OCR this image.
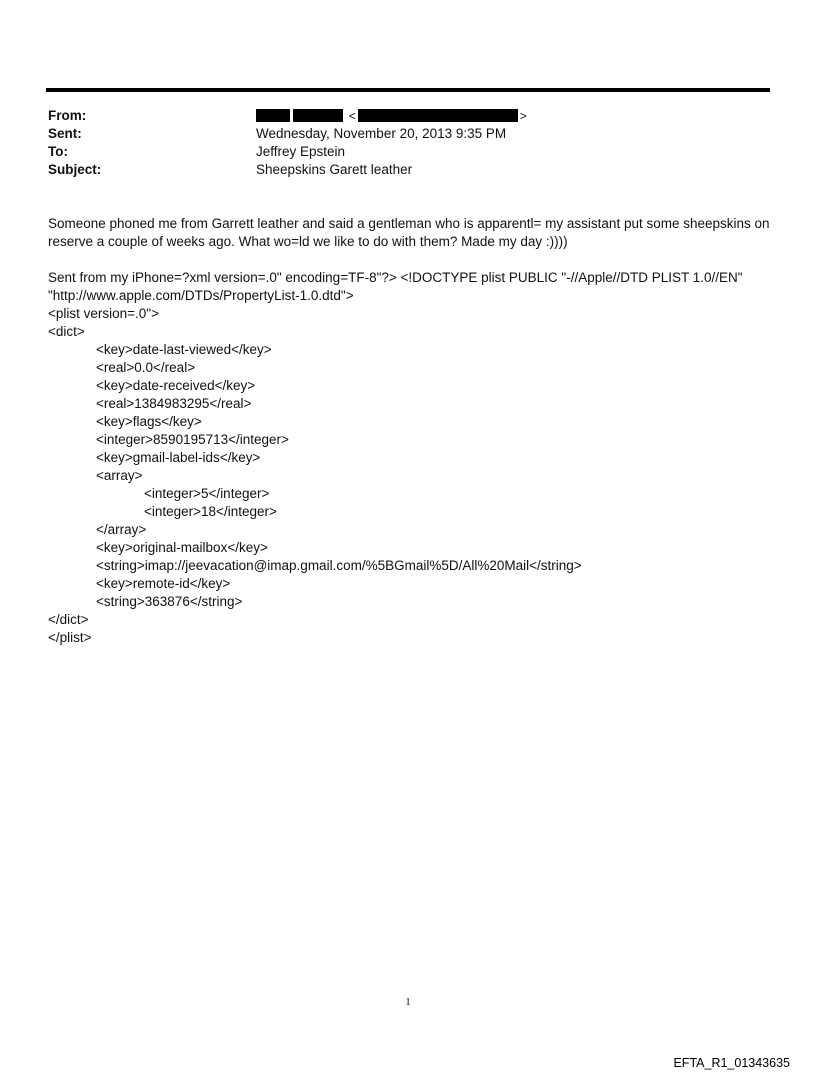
From:	<	>
Sent:	Wednesday, November 20, 2013 9:35 PM
To:	Jeffrey Epstein
Subject:	Sheepskins Garett leather

Someone phoned me from Garrett leather and said a gentleman who is apparentl= my assistant put some sheepskins on reserve a couple of weeks ago. What wo=ld we like to do with them? Made my day :))))

Sent from my iPhone=?xml version=.0" encoding=TF-8"?> <!DOCTYPE plist PUBLIC "-//Apple//DTD PLIST 1.0//EN" "http://www.apple.com/DTDs/PropertyList-1.0.dtd">

<plist version=.0">
<dict>
<key>date-last-viewed</key>
<real>0.0</real>
<key>date-received</key>
<real>1384983295</real>
<key>flags</key>
<integer>8590195713</integer>
<key>gmail-label-ids</key>
<array>
<integer>5</integer>
<integer>18</integer>
</array>
<key>original-mailbox</key>
<string>imap://jeevacation@imap.gmail.com/%5BGmail%5D/All%20Mail</string>
<key>remote-id</key>
<string>363876</string>
</dict>
</plist>
1
EFTA_R1_01343635
